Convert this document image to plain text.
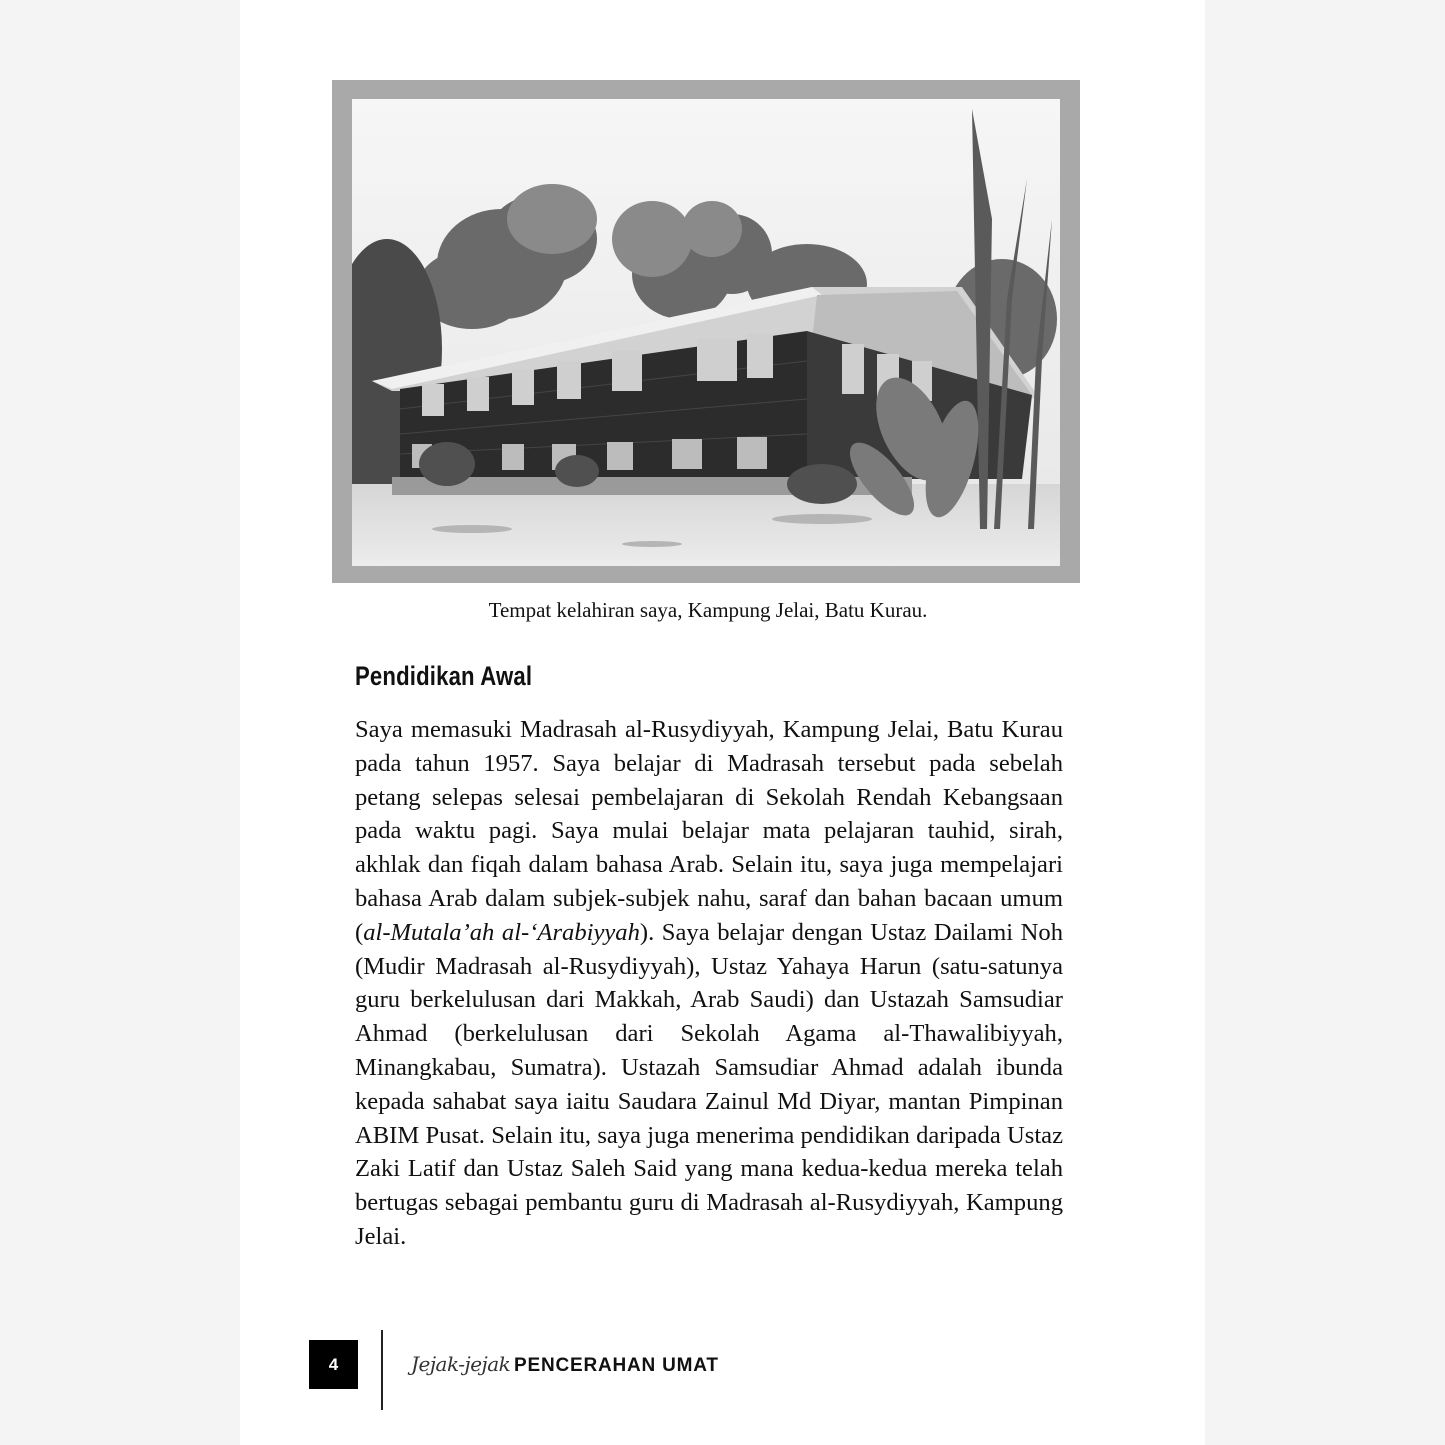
Tempat kelahiran saya, Kampung Jelai, Batu Kurau.
Pendidikan Awal

Saya memasuki Madrasah al-Rusydiyyah, Kampung Jelai, Batu Kurau pada tahun 1957. Saya belajar di Madrasah tersebut pada sebelah petang selepas selesai pembelajaran di Sekolah Rendah Kebangsaan pada waktu pagi. Saya mulai belajar mata pelajaran tauhid, sirah, akhlak dan fiqah dalam bahasa Arab. Selain itu, saya juga mempelajari bahasa Arab dalam subjek-subjek nahu, saraf dan bahan bacaan umum (al-Mutala’ah al-‘Arabiyyah). Saya belajar dengan Ustaz Dailami Noh (Mudir Madrasah al-Rusydiyyah), Ustaz Yahaya Harun (satu-satunya guru berkelulusan dari Makkah, Arab Saudi) dan Ustazah Samsudiar Ahmad (berkelulusan dari Sekolah Agama al-Thawalibiyyah, Minangkabau, Sumatra). Ustazah Samsudiar Ahmad adalah ibunda kepada sahabat saya iaitu Saudara Zainul Md Diyar, mantan Pimpinan ABIM Pusat. Selain itu, saya juga menerima pendidikan daripada Ustaz Zaki Latif dan Ustaz Saleh Said yang mana kedua-kedua mereka telah bertugas sebagai pembantu guru di Madrasah al-Rusydiyyah, Kampung Jelai.

4	Jejak-jejak PENCERAHAN UMAT
